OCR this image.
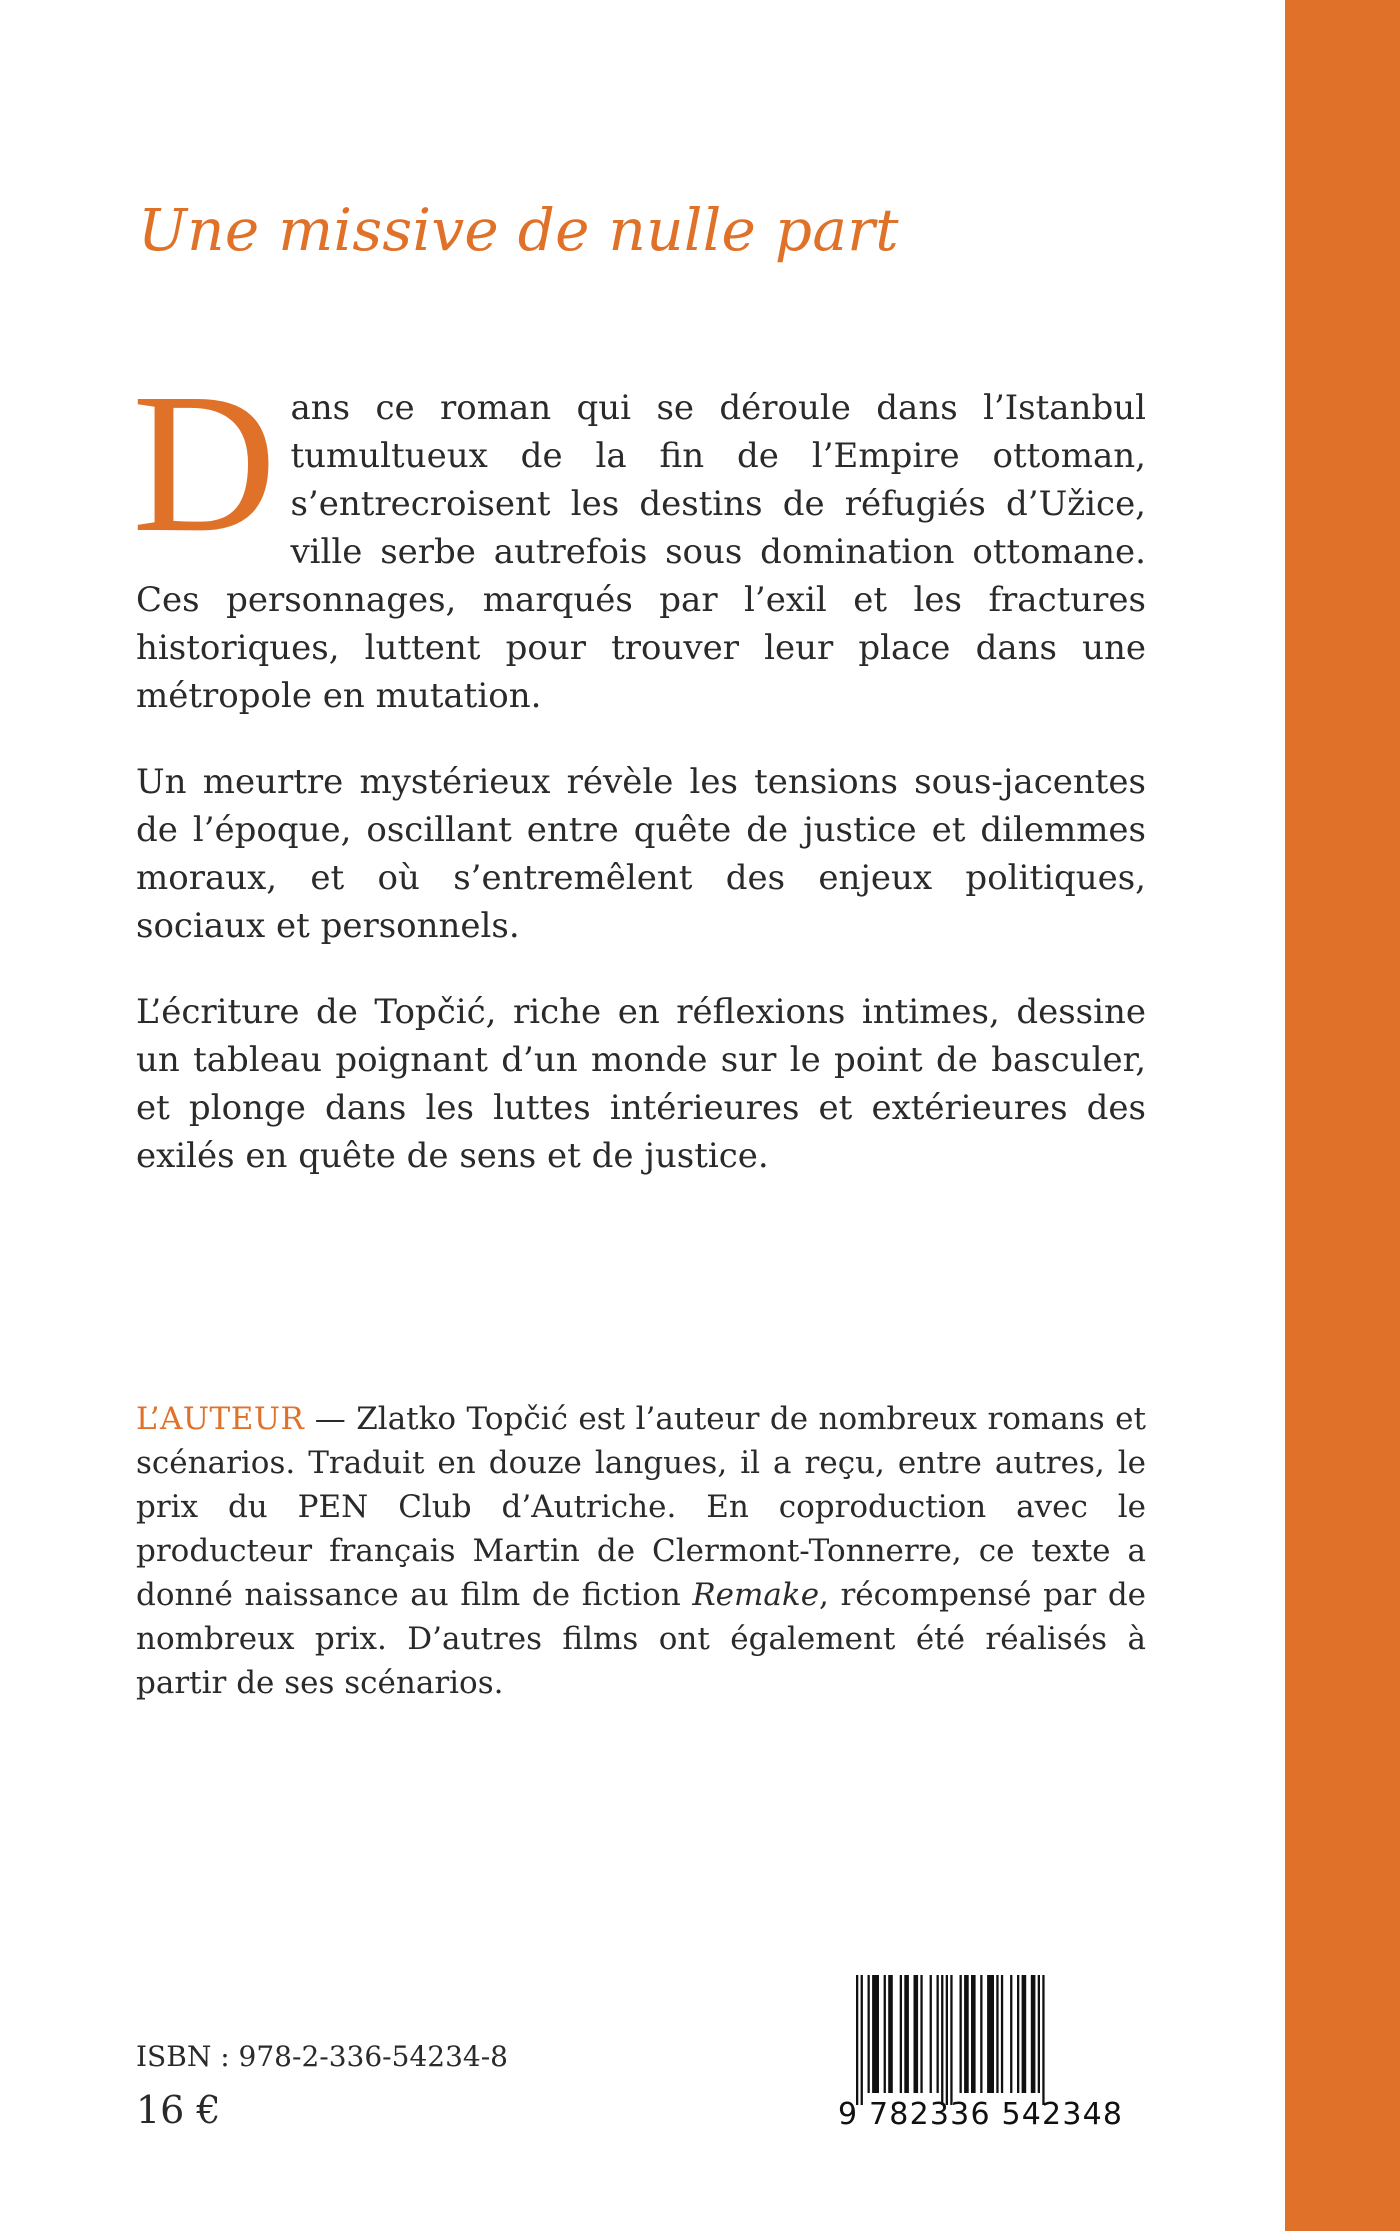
Une missive de nulle part

Dans ce roman qui se déroule dans l’Istanbul tumultueux de la fin de l’Empire ottoman, s’entrecroisent les destins de réfugiés d’Užice, ville serbe autrefois sous domination ottomane. Ces personnages, marqués par l’exil et les fractures historiques, luttent pour trouver leur place dans une métropole en mutation.

Un meurtre mystérieux révèle les tensions sous-jacentes de l’époque, oscillant entre quête de justice et dilemmes moraux, et où s’entremêlent des enjeux politiques, sociaux et personnels.

L’écriture de Topčić, riche en réflexions intimes, dessine un tableau poignant d’un monde sur le point de basculer, et plonge dans les luttes intérieures et extérieures des exilés en quête de sens et de justice.

L’AUTEUR — Zlatko Topčić est l’auteur de nombreux romans et scénarios. Traduit en douze langues, il a reçu, entre autres, le prix du PEN Club d’Autriche. En coproduction avec le producteur français Martin de Clermont-Tonnerre, ce texte a donné naissance au film de fiction Remake, récompensé par de nombreux prix. D’autres films ont également été réalisés à partir de ses scénarios.

ISBN : 978-2-336-54234-8

16 €	9 782336 542348
